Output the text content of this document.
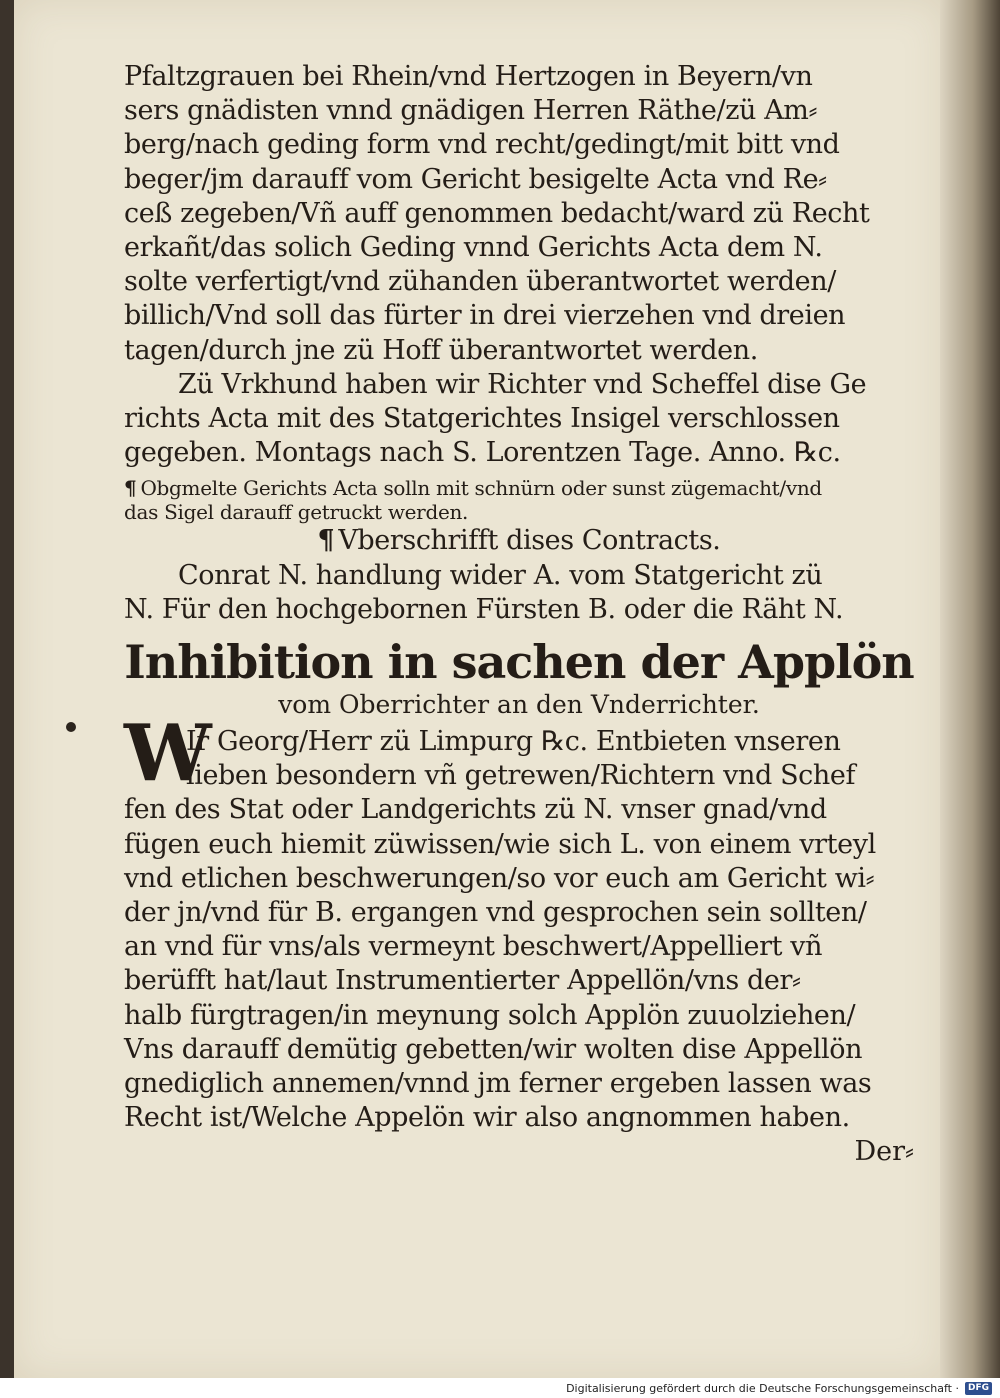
Pfaltzgrauen bei Rhein/vnd Hertzogen in Beyern/vn
sers gnädisten vnnd gnädigen Herren Räthe/zü Am⸗
berg/nach geding form vnd recht/gedingt/mit bitt vnd
beger/jm darauff vom Gericht besigelte Acta vnd Re⸗
ceß zegeben/Vñ auff genommen bedacht/ward zü Recht
erkañt/das solich Geding vnnd Gerichts Acta dem N.
solte verfertigt/vnd zühanden überantwortet werden/
billich/Vnd soll das fürter in drei vierzehen vnd dreien
tagen/durch jne zü Hoff überantwortet werden.
Zü Vrkhund haben wir Richter vnd Scheffel dise Ge
richts Acta mit des Statgerichtes Insigel verschlossen
gegeben. Montags nach S. Lorentzen Tage. Anno. ℞c.
¶ Obgmelte Gerichts Acta solln mit schnürn oder sunst zügemacht/vnd
das Sigel darauff getruckt werden.
¶ Vberschrifft dises Contracts.
Conrat N. handlung wider A. vom Statgericht zü
N. Für den hochgebornen Fürsten B. oder die Räht N.
Inhibition in sachen der Applön
vom Oberrichter an den Vnderrichter.
W
Ir Georg/Herr zü Limpurg ℞c. Entbieten vnseren
lieben besondern vñ getrewen/Richtern vnd Schef
fen des Stat oder Landgerichts zü N. vnser gnad/vnd
fügen euch hiemit züwissen/wie sich L. von einem vrteyl
vnd etlichen beschwerungen/so vor euch am Gericht wi⸗
der jn/vnd für B. ergangen vnd gesprochen sein sollten/
an vnd für vns/als vermeynt beschwert/Appelliert vñ
berüfft hat/laut Instrumentierter Appellön/vns der⸗
halb fürgtragen/in meynung solch Applön zuuolziehen/
Vns darauff demütig gebetten/wir wolten dise Appellön
gnediglich annemen/vnnd jm ferner ergeben lassen was
Recht ist/Welche Appelön wir also angnommen haben.
Der⸗
Digitalisierung gefördert durch die Deutsche Forschungsgemeinschaft · DFG
